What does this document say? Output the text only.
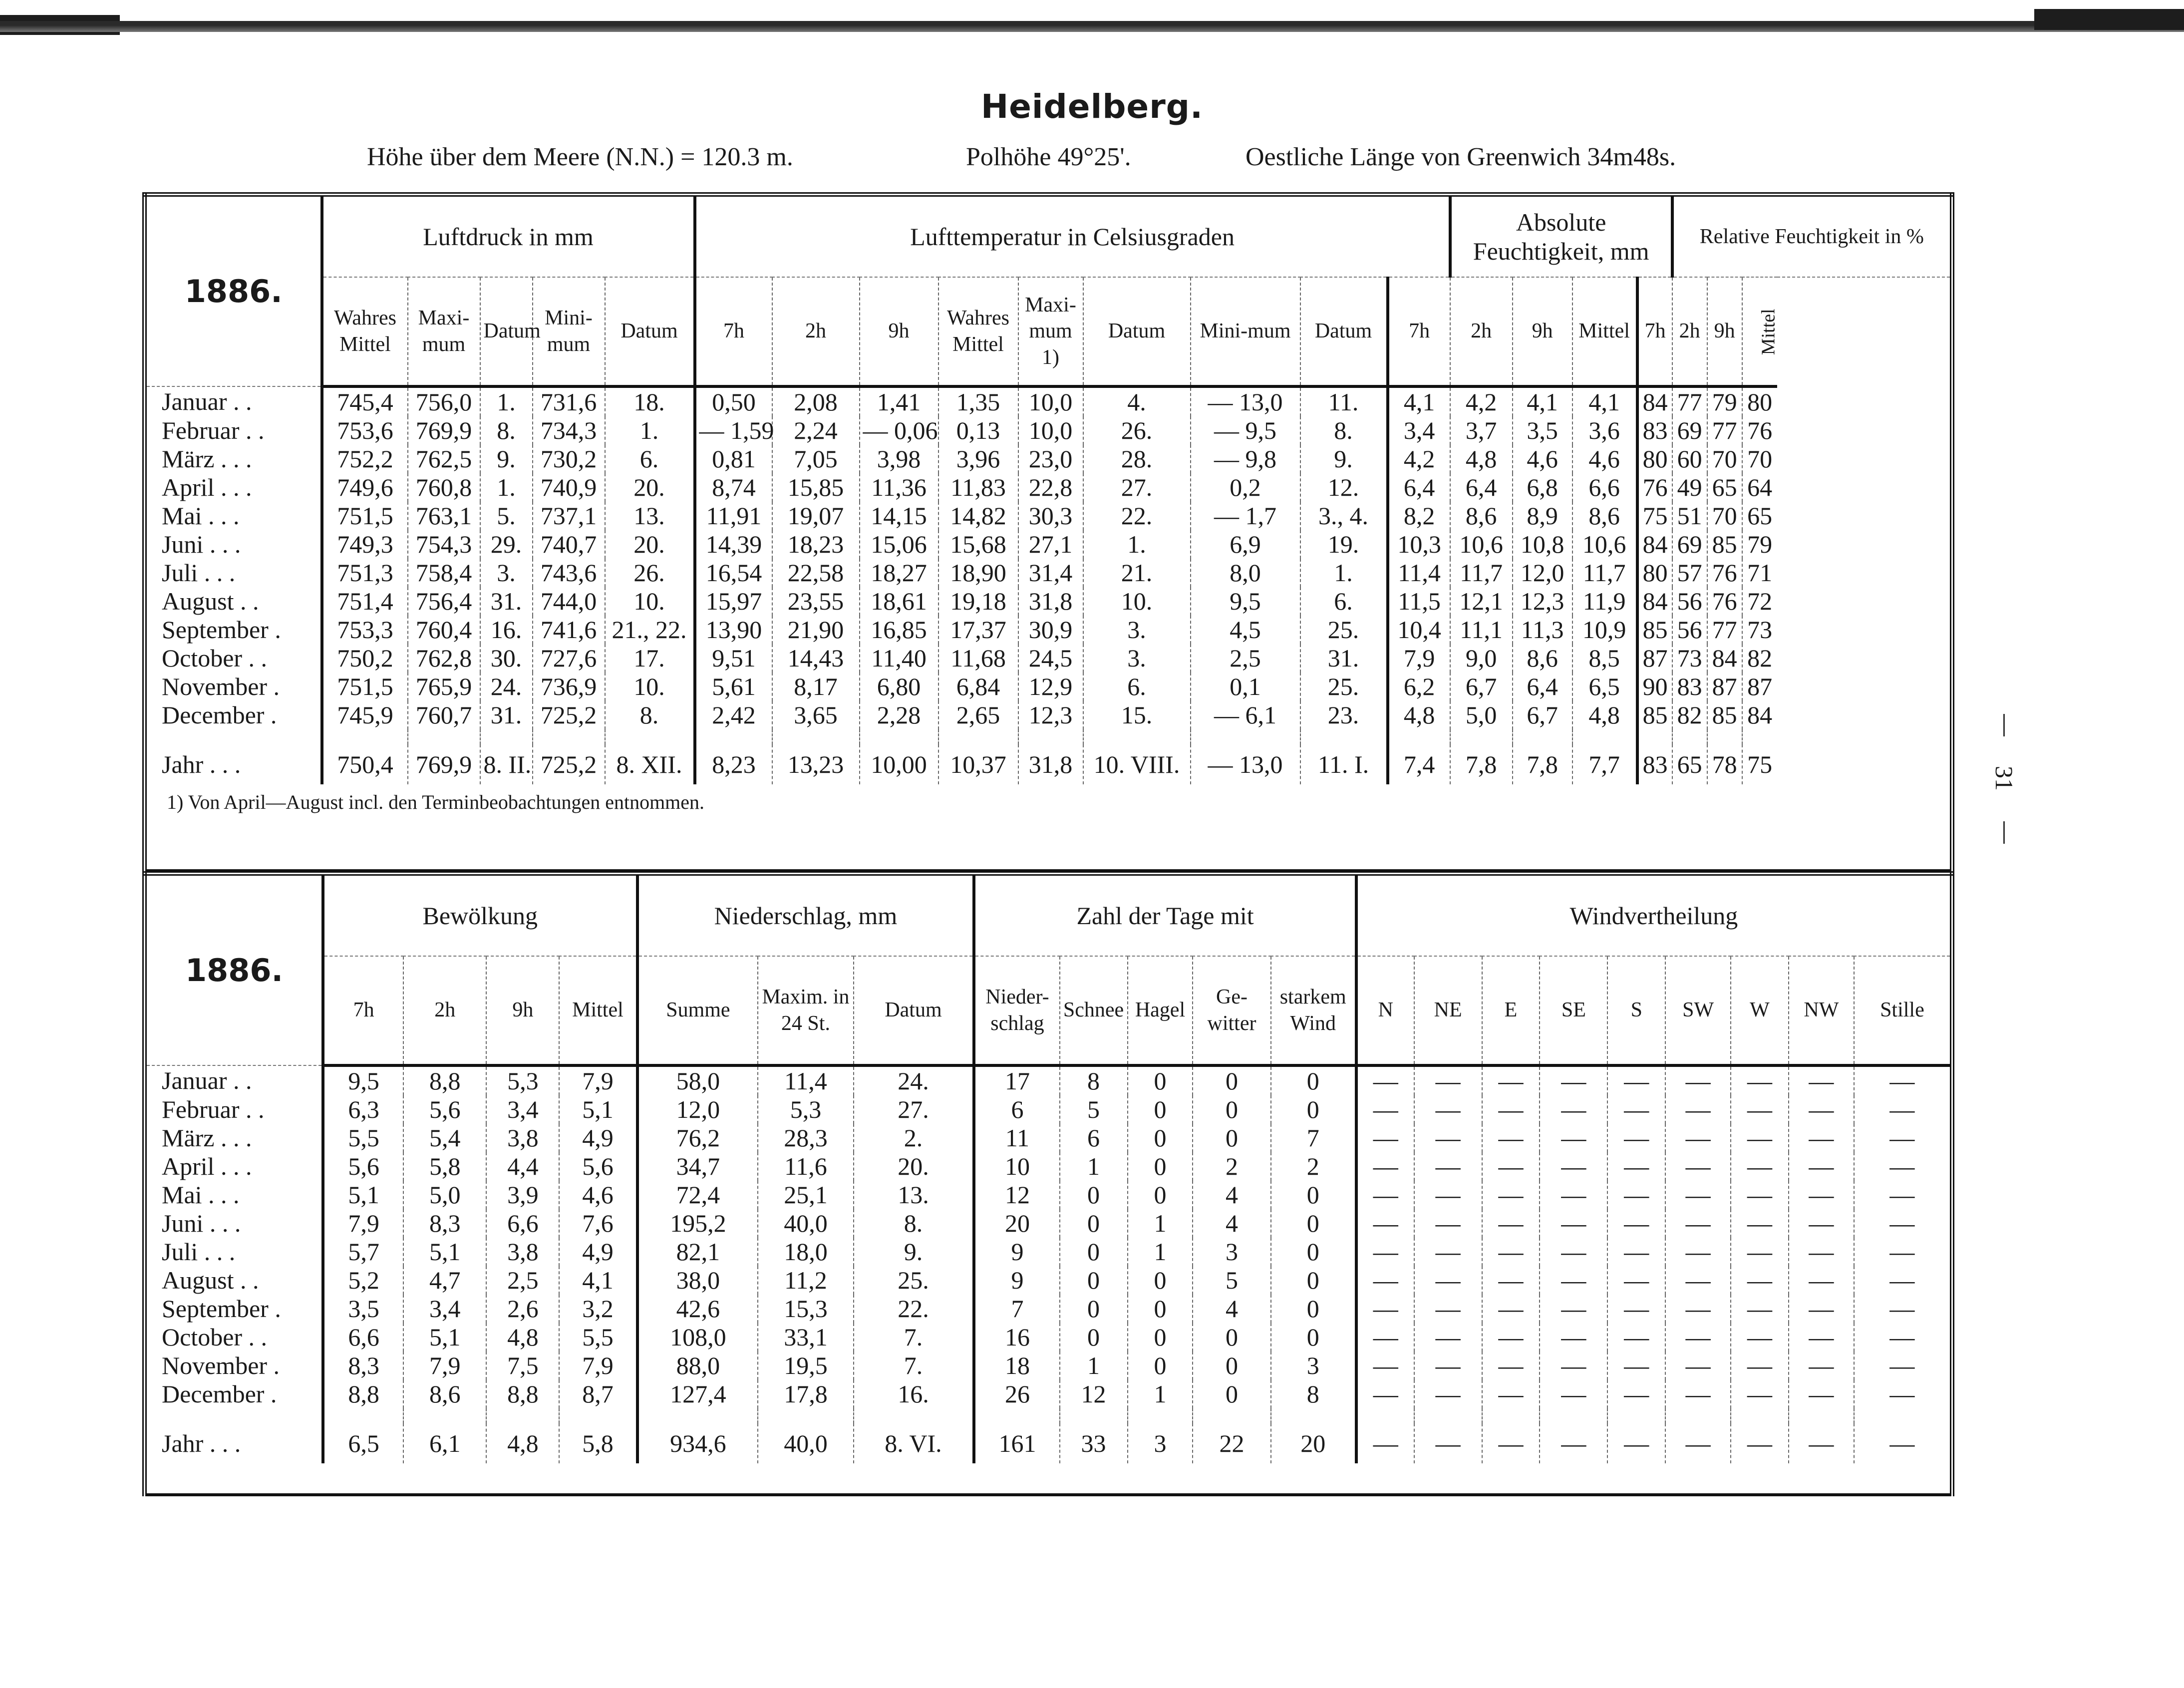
Heidelberg.
Höhe über dem Meere (N.N.) = 120.3 m.	Polhöhe 49°25'.	Oestliche Länge von Greenwich 34m48s.
1886.	Luftdruck in mm					Lufttemperatur in Celsiusgraden									Absolute Feuchtigkeit, mm				Relative Feuchtigkeit in %		
	Wahres Mittel	Maxi-mum	Datum	Mini-mum	Datum	7h	2h	9h	Wahres Mittel	Maxi-mum 1)	Datum	Mini-mum	Datum	7h	2h	9h	Mittel	7h	2h	9h	Mittel
Januar . .	745,4	756,0	1.	731,6	18.	0,50	2,08	1,41	1,35	10,0	4.	— 13,0	11.	4,1	4,2	4,1	4,1	84	77	79	80
Februar . .	753,6	769,9	8.	734,3	1.	— 1,59	2,24	— 0,06	0,13	10,0	26.	— 9,5	8.	3,4	3,7	3,5	3,6	83	69	77	76
März . . .	752,2	762,5	9.	730,2	6.	0,81	7,05	3,98	3,96	23,0	28.	— 9,8	9.	4,2	4,8	4,6	4,6	80	60	70	70
April . . .	749,6	760,8	1.	740,9	20.	8,74	15,85	11,36	11,83	22,8	27.	0,2	12.	6,4	6,4	6,8	6,6	76	49	65	64
Mai . . .	751,5	763,1	5.	737,1	13.	11,91	19,07	14,15	14,82	30,3	22.	— 1,7	3., 4.	8,2	8,6	8,9	8,6	75	51	70	65
Juni . . .	749,3	754,3	29.	740,7	20.	14,39	18,23	15,06	15,68	27,1	1.	6,9	19.	10,3	10,6	10,8	10,6	84	69	85	79
Juli . . .	751,3	758,4	3.	743,6	26.	16,54	22,58	18,27	18,90	31,4	21.	8,0	1.	11,4	11,7	12,0	11,7	80	57	76	71
August . .	751,4	756,4	31.	744,0	10.	15,97	23,55	18,61	19,18	31,8	10.	9,5	6.	11,5	12,1	12,3	11,9	84	56	76	72
September .	753,3	760,4	16.	741,6	21., 22.	13,90	21,90	16,85	17,37	30,9	3.	4,5	25.	10,4	11,1	11,3	10,9	85	56	77	73
October . .	750,2	762,8	30.	727,6	17.	9,51	14,43	11,40	11,68	24,5	3.	2,5	31.	7,9	9,0	8,6	8,5	87	73	84	82
November .	751,5	765,9	24.	736,9	10.	5,61	8,17	6,80	6,84	12,9	6.	0,1	25.	6,2	6,7	6,4	6,5	90	83	87	87
December .	745,9	760,7	31.	725,2	8.	2,42	3,65	2,28	2,65	12,3	15.	— 6,1	23.	4,8	5,0	6,7	4,8	85	82	85	84

Jahr . . .	750,4	769,9	8. II.	725,2	8. XII.	8,23	13,23	10,00	10,37	31,8	10. VIII.	— 13,0	11. I.	7,4	7,8	7,8	7,7	83	65	78	75
1) Von April—August incl. den Terminbeobachtungen entnommen.																					

1886.	Bewölkung				Niederschlag, mm			Zahl der Tage mit					Windvertheilung								
	7h	2h	9h	Mittel	Summe	Maxim. in 24 St.	Datum	Nieder-schlag	Schnee	Hagel	Ge-witter	starkem Wind	N	NE	E	SE	S	SW	W	NW	Stille
Januar . .	9,5	8,8	5,3	7,9	58,0	11,4	24.	17	8	0	0	0	—	—	—	—	—	—	—	—	—
Februar . .	6,3	5,6	3,4	5,1	12,0	5,3	27.	6	5	0	0	0	—	—	—	—	—	—	—	—	—
März . . .	5,5	5,4	3,8	4,9	76,2	28,3	2.	11	6	0	0	7	—	—	—	—	—	—	—	—	—
April . . .	5,6	5,8	4,4	5,6	34,7	11,6	20.	10	1	0	2	2	—	—	—	—	—	—	—	—	—
Mai . . .	5,1	5,0	3,9	4,6	72,4	25,1	13.	12	0	0	4	0	—	—	—	—	—	—	—	—	—
Juni . . .	7,9	8,3	6,6	7,6	195,2	40,0	8.	20	0	1	4	0	—	—	—	—	—	—	—	—	—
Juli . . .	5,7	5,1	3,8	4,9	82,1	18,0	9.	9	0	1	3	0	—	—	—	—	—	—	—	—	—
August . .	5,2	4,7	2,5	4,1	38,0	11,2	25.	9	0	0	5	0	—	—	—	—	—	—	—	—	—
September .	3,5	3,4	2,6	3,2	42,6	15,3	22.	7	0	0	4	0	—	—	—	—	—	—	—	—	—
October . .	6,6	5,1	4,8	5,5	108,0	33,1	7.	16	0	0	0	0	—	—	—	—	—	—	—	—	—
November .	8,3	7,9	7,5	7,9	88,0	19,5	7.	18	1	0	0	3	—	—	—	—	—	—	—	—	—
December .	8,8	8,6	8,8	8,7	127,4	17,8	16.	26	12	1	0	8	—	—	—	—	—	—	—	—	—

Jahr . . .	6,5	6,1	4,8	5,8	934,6	40,0	8. VI.	161	33	3	22	20	—	—	—	—	—	—	—	—	—

31
